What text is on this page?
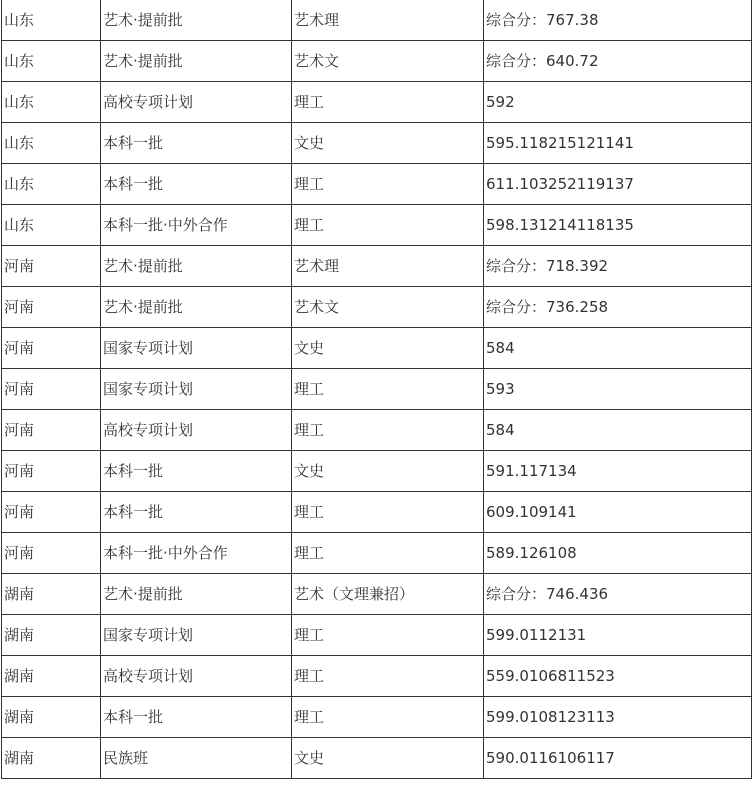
山东	艺术·提前批	艺术理	综合分：767.38
山东	艺术·提前批	艺术文	综合分：640.72
山东	高校专项计划	理工	592
山东	本科一批	文史	595.118215121141
山东	本科一批	理工	611.103252119137
山东	本科一批·中外合作	理工	598.131214118135
河南	艺术·提前批	艺术理	综合分：718.392
河南	艺术·提前批	艺术文	综合分：736.258
河南	国家专项计划	文史	584
河南	国家专项计划	理工	593
河南	高校专项计划	理工	584
河南	本科一批	文史	591.117134
河南	本科一批	理工	609.109141
河南	本科一批·中外合作	理工	589.126108
湖南	艺术·提前批	艺术（文理兼招）	综合分：746.436
湖南	国家专项计划	理工	599.0112131
湖南	高校专项计划	理工	559.0106811523
湖南	本科一批	理工	599.0108123113
湖南	民族班	文史	590.0116106117
